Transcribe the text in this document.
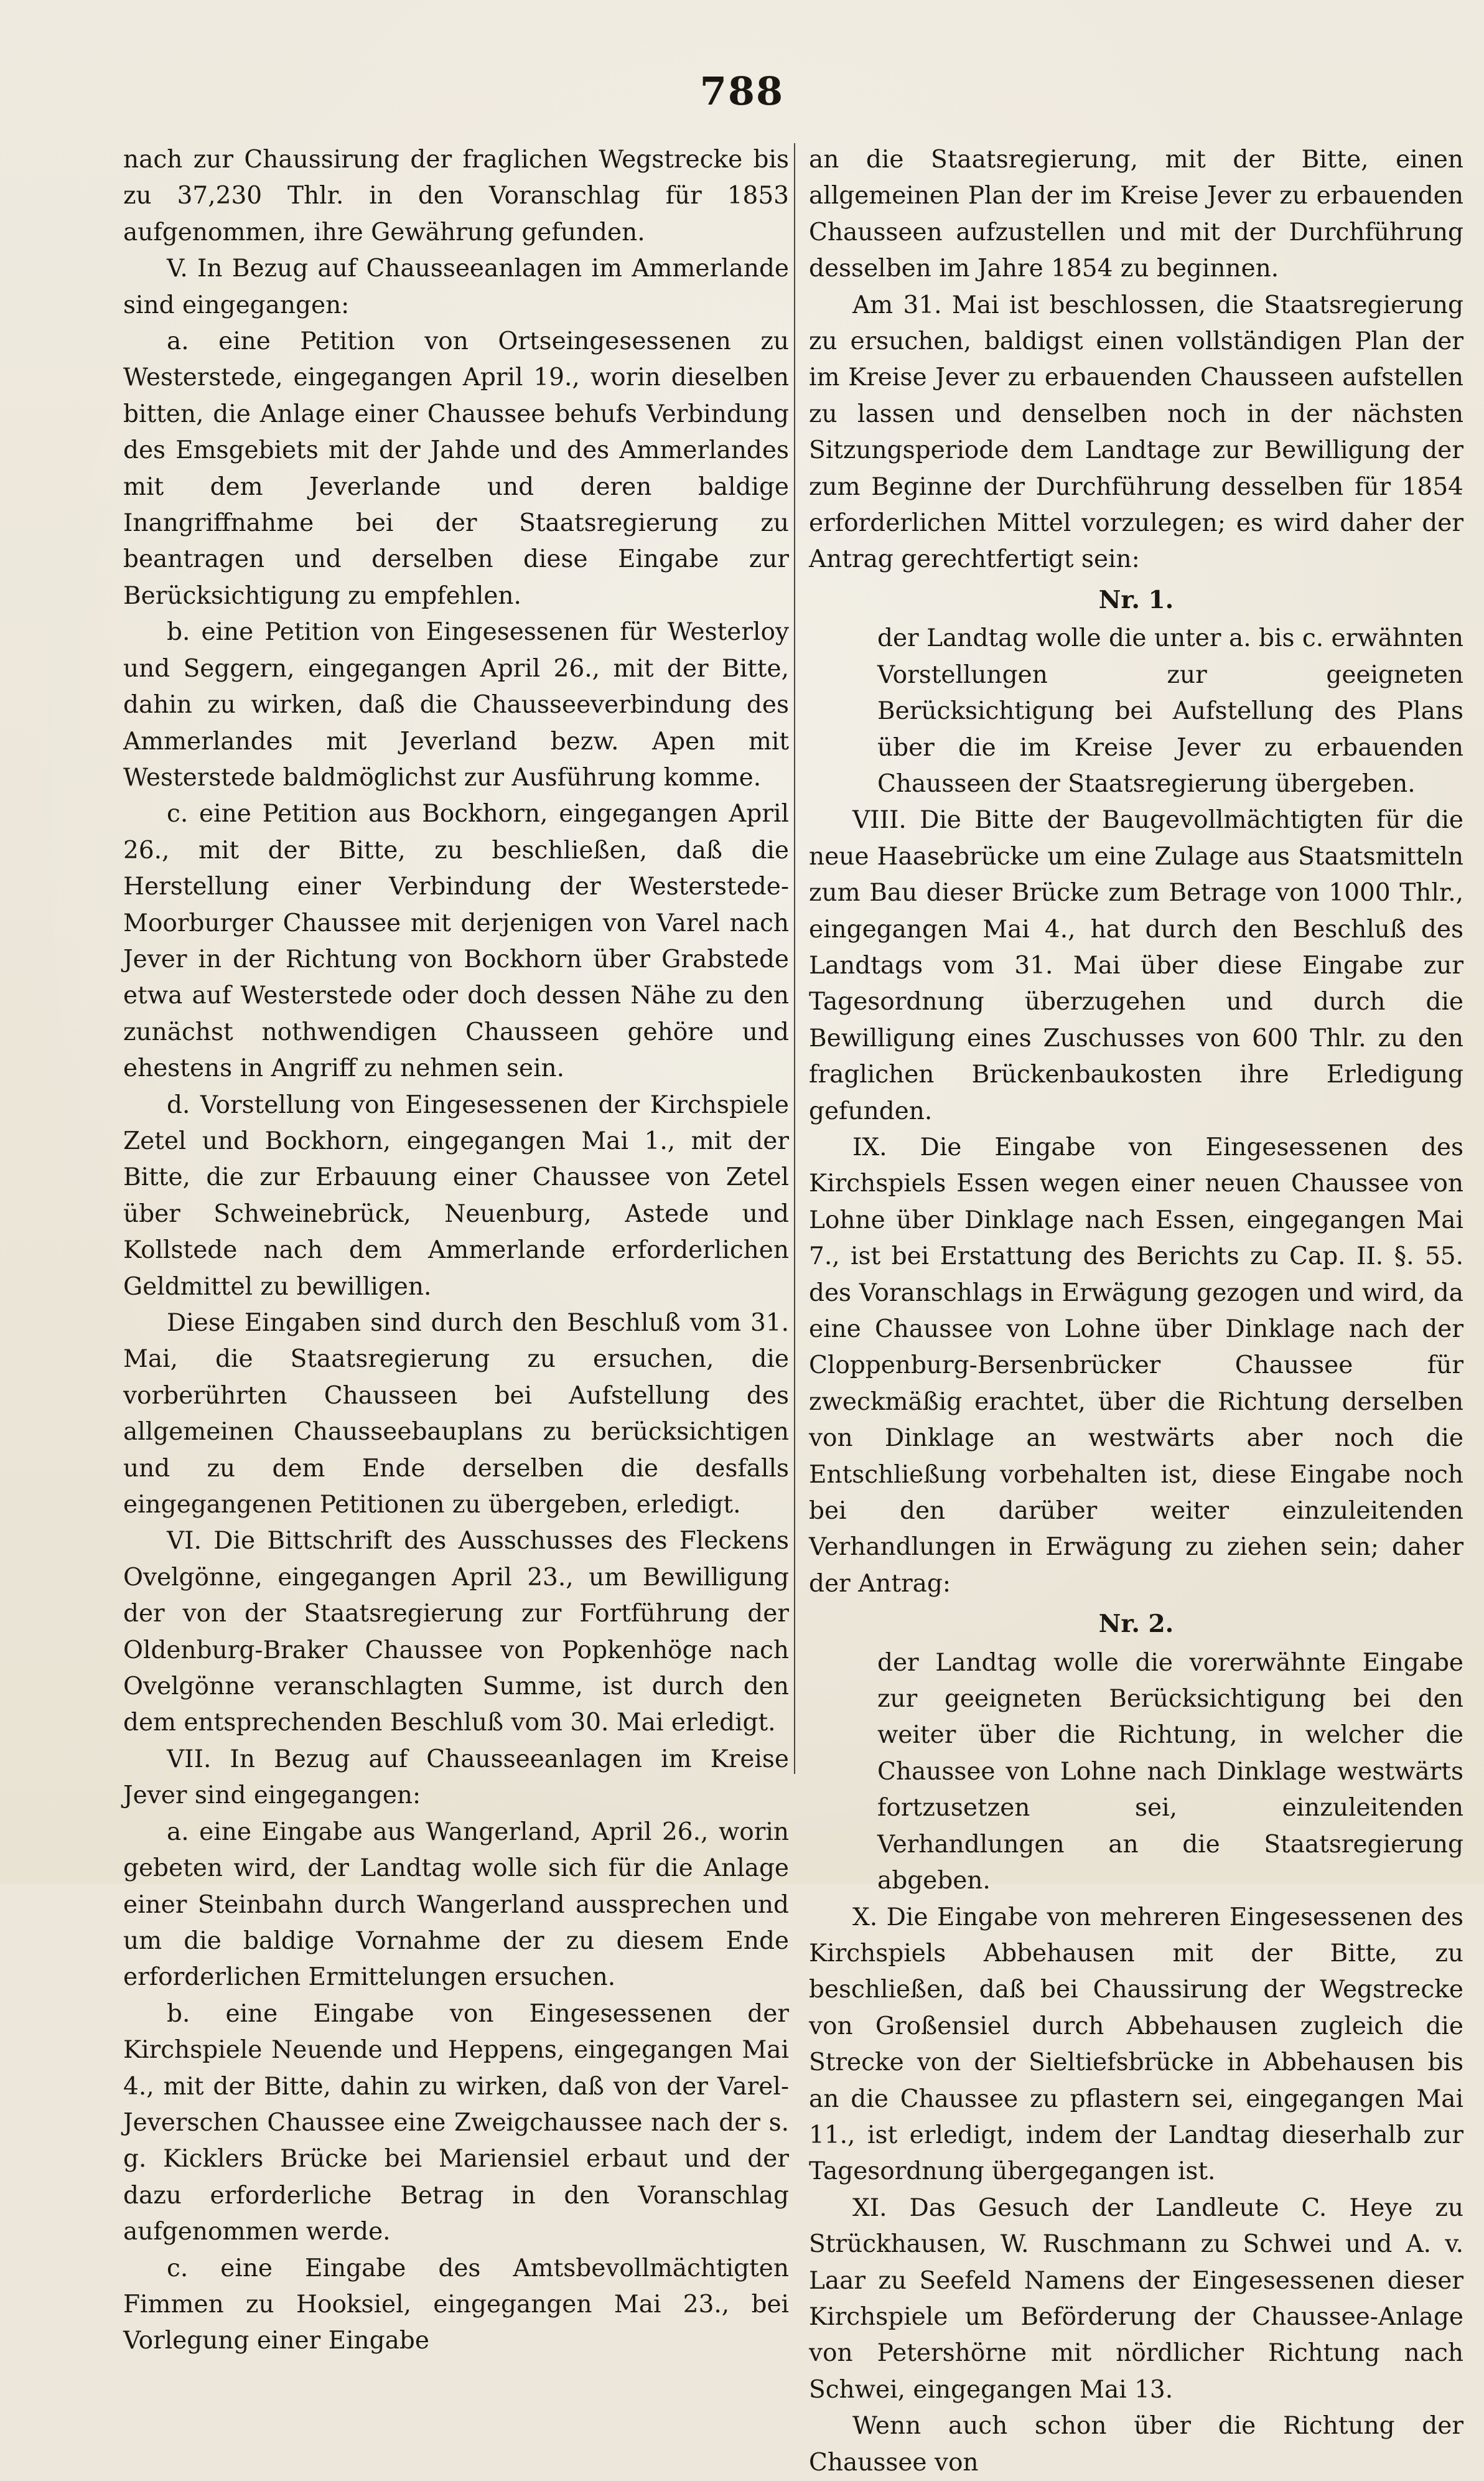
788

nach zur Chaussirung der fraglichen Wegstrecke bis zu 37,230 Thlr. in den Voranschlag für 1853 aufgenommen, ihre Gewährung gefunden.

V. In Bezug auf Chausseeanlagen im Ammerlande sind eingegangen:

a. eine Petition von Ortseingesessenen zu Westerstede, eingegangen April 19., worin dieselben bitten, die Anlage einer Chaussee behufs Verbindung des Emsgebiets mit der Jahde und des Ammerlandes mit dem Jeverlande und deren baldige Inangriffnahme bei der Staatsregierung zu beantragen und derselben diese Eingabe zur Berücksichtigung zu empfehlen.

b. eine Petition von Eingesessenen für Westerloy und Seggern, eingegangen April 26., mit der Bitte, dahin zu wirken, daß die Chausseeverbindung des Ammerlandes mit Jeverland bezw. Apen mit Westerstede baldmöglichst zur Ausführung komme.

c. eine Petition aus Bockhorn, eingegangen April 26., mit der Bitte, zu beschließen, daß die Herstellung einer Verbindung der Westerstede-Moorburger Chaussee mit derjenigen von Varel nach Jever in der Richtung von Bockhorn über Grabstede etwa auf Westerstede oder doch dessen Nähe zu den zunächst nothwendigen Chausseen gehöre und ehestens in Angriff zu nehmen sein.

d. Vorstellung von Eingesessenen der Kirchspiele Zetel und Bockhorn, eingegangen Mai 1., mit der Bitte, die zur Erbauung einer Chaussee von Zetel über Schweinebrück, Neuenburg, Astede und Kollstede nach dem Ammerlande erforderlichen Geldmittel zu bewilligen.

Diese Eingaben sind durch den Beschluß vom 31. Mai, die Staatsregierung zu ersuchen, die vorberührten Chausseen bei Aufstellung des allgemeinen Chausseebauplans zu berücksichtigen und zu dem Ende derselben die desfalls eingegangenen Petitionen zu übergeben, erledigt.

VI. Die Bittschrift des Ausschusses des Fleckens Ovelgönne, eingegangen April 23., um Bewilligung der von der Staatsregierung zur Fortführung der Oldenburg-Braker Chaussee von Popkenhöge nach Ovelgönne veranschlagten Summe, ist durch den dem entsprechenden Beschluß vom 30. Mai erledigt.

VII. In Bezug auf Chausseeanlagen im Kreise Jever sind eingegangen:

a. eine Eingabe aus Wangerland, April 26., worin gebeten wird, der Landtag wolle sich für die Anlage einer Steinbahn durch Wangerland aussprechen und um die baldige Vornahme der zu diesem Ende erforderlichen Ermittelungen ersuchen.

b. eine Eingabe von Eingesessenen der Kirchspiele Neuende und Heppens, eingegangen Mai 4., mit der Bitte, dahin zu wirken, daß von der Varel-Jeverschen Chaussee eine Zweigchaussee nach der s. g. Kicklers Brücke bei Mariensiel erbaut und der dazu erforderliche Betrag in den Voranschlag aufgenommen werde.

c. eine Eingabe des Amtsbevollmächtigten Fimmen zu Hooksiel, eingegangen Mai 23., bei Vorlegung einer Eingabe

an die Staatsregierung, mit der Bitte, einen allgemeinen Plan der im Kreise Jever zu erbauenden Chausseen aufzustellen und mit der Durchführung desselben im Jahre 1854 zu beginnen.

Am 31. Mai ist beschlossen, die Staatsregierung zu ersuchen, baldigst einen vollständigen Plan der im Kreise Jever zu erbauenden Chausseen aufstellen zu lassen und denselben noch in der nächsten Sitzungsperiode dem Landtage zur Bewilligung der zum Beginne der Durchführung desselben für 1854 erforderlichen Mittel vorzulegen; es wird daher der Antrag gerechtfertigt sein:

Nr. 1.

der Landtag wolle die unter a. bis c. erwähnten Vorstellungen zur geeigneten Berücksichtigung bei Aufstellung des Plans über die im Kreise Jever zu erbauenden Chausseen der Staatsregierung übergeben.

VIII. Die Bitte der Baugevollmächtigten für die neue Haasebrücke um eine Zulage aus Staatsmitteln zum Bau dieser Brücke zum Betrage von 1000 Thlr., eingegangen Mai 4., hat durch den Beschluß des Landtags vom 31. Mai über diese Eingabe zur Tagesordnung überzugehen und durch die Bewilligung eines Zuschusses von 600 Thlr. zu den fraglichen Brückenbaukosten ihre Erledigung gefunden.

IX. Die Eingabe von Eingesessenen des Kirchspiels Essen wegen einer neuen Chaussee von Lohne über Dinklage nach Essen, eingegangen Mai 7., ist bei Erstattung des Berichts zu Cap. II. §. 55. des Voranschlags in Erwägung gezogen und wird, da eine Chaussee von Lohne über Dinklage nach der Cloppenburg-Bersenbrücker Chaussee für zweckmäßig erachtet, über die Richtung derselben von Dinklage an westwärts aber noch die Entschließung vorbehalten ist, diese Eingabe noch bei den darüber weiter einzuleitenden Verhandlungen in Erwägung zu ziehen sein; daher der Antrag:

Nr. 2.

der Landtag wolle die vorerwähnte Eingabe zur geeigneten Berücksichtigung bei den weiter über die Richtung, in welcher die Chaussee von Lohne nach Dinklage westwärts fortzusetzen sei, einzuleitenden Verhandlungen an die Staatsregierung abgeben.

X. Die Eingabe von mehreren Eingesessenen des Kirchspiels Abbehausen mit der Bitte, zu beschließen, daß bei Chaussirung der Wegstrecke von Großensiel durch Abbehausen zugleich die Strecke von der Sieltiefsbrücke in Abbehausen bis an die Chaussee zu pflastern sei, eingegangen Mai 11., ist erledigt, indem der Landtag dieserhalb zur Tagesordnung übergegangen ist.

XI. Das Gesuch der Landleute C. Heye zu Strückhausen, W. Ruschmann zu Schwei und A. v. Laar zu Seefeld Namens der Eingesessenen dieser Kirchspiele um Beförderung der Chaussee-Anlage von Petershörne mit nördlicher Richtung nach Schwei, eingegangen Mai 13.

Wenn auch schon über die Richtung der Chaussee von
